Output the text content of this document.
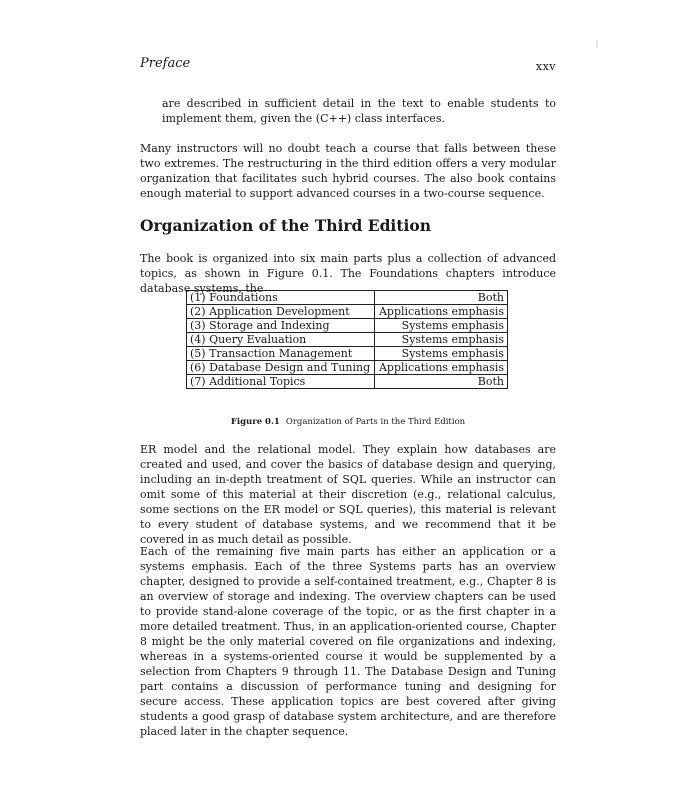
Preface	xxv

are described in sufficient detail in the text to enable students to implement them, given the (C++) class interfaces.

Many instructors will no doubt teach a course that falls between these two extremes. The restructuring in the third edition offers a very modular organization that facilitates such hybrid courses. The also book contains enough material to support advanced courses in a two-course sequence.

Organization of the Third Edition

The book is organized into six main parts plus a collection of advanced topics, as shown in Figure 0.1. The Foundations chapters introduce database systems, the

(1) Foundations	Both
(2) Application Development	Applications emphasis
(3) Storage and Indexing	Systems emphasis
(4) Query Evaluation	Systems emphasis
(5) Transaction Management	Systems emphasis
(6) Database Design and Tuning	Applications emphasis
(7) Additional Topics	Both
Figure 0.1 Organization of Parts in the Third Edition

ER model and the relational model. They explain how databases are created and used, and cover the basics of database design and querying, including an in-depth treatment of SQL queries. While an instructor can omit some of this material at their discretion (e.g., relational calculus, some sections on the ER model or SQL queries), this material is relevant to every student of database systems, and we recommend that it be covered in as much detail as possible.

Each of the remaining five main parts has either an application or a systems emphasis. Each of the three Systems parts has an overview chapter, designed to provide a self-contained treatment, e.g., Chapter 8 is an overview of storage and indexing. The overview chapters can be used to provide stand-alone coverage of the topic, or as the first chapter in a more detailed treatment. Thus, in an application-oriented course, Chapter 8 might be the only material covered on file organizations and indexing, whereas in a systems-oriented course it would be supplemented by a selection from Chapters 9 through 11. The Database Design and Tuning part contains a discussion of performance tuning and designing for secure access. These application topics are best covered after giving students a good grasp of database system architecture, and are therefore placed later in the chapter sequence.
